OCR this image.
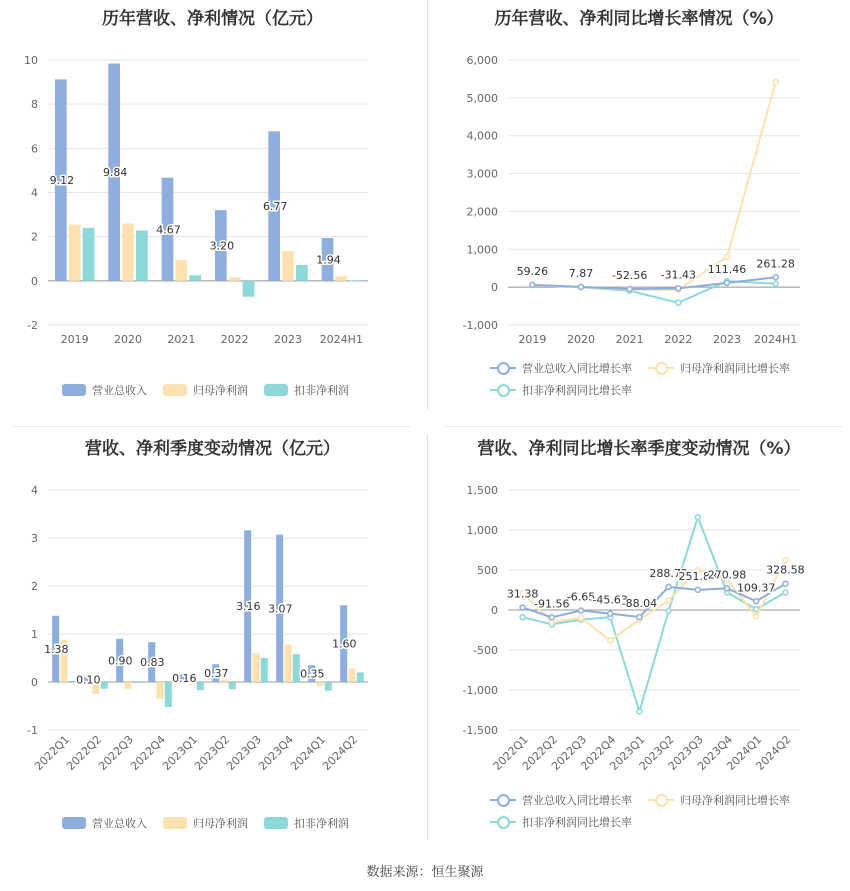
历年营收、净利情况（亿元）
-2
0
2
4
6
8
10
2019 2020 2021 2022 2023 2024H1
9.12
9.84
4.67
3.20
6.77
1.94
营业总收入	归母净利润	扣非净利润
历年营收、净利同比增长率情况（%）
-1,000
0
1,000
2,000
3,000
4,000
5,000
6,000
2019 2020 2021 2022 2023 2024H1
59.26 7.87 -52.56 -31.43 111.46 261.28
营业总收入同比增长率	归母净利润同比增长率
扣非净利润同比增长率
营收、净利季度变动情况（亿元）
-1
0
1
2
3
4
2022Q1
2022Q2
2022Q3
2022Q4
2023Q1
2023Q2
2023Q3
2023Q4
2024Q1
2024Q2
1.38
0.10
0.90 0.83
0.16 0.37
3.16 3.07
0.35
1.60
营业总收入	归母净利润	扣非净利润
营收、净利同比增长率季度变动情况（%）
-1,500
-1,000
-500
0
500
1,000
1,500
2022Q1
2022Q2
2022Q3
2022Q4
2023Q1
2023Q2
2023Q3
2023Q4
2024Q1
2024Q2
31.38
-91.56
-6.65
-45.63
-88.04
288.72
251.88
270.98
109.37
328.58
营业总收入同比增长率	归母净利润同比增长率
扣非净利润同比增长率
数据来源：恒生聚源
